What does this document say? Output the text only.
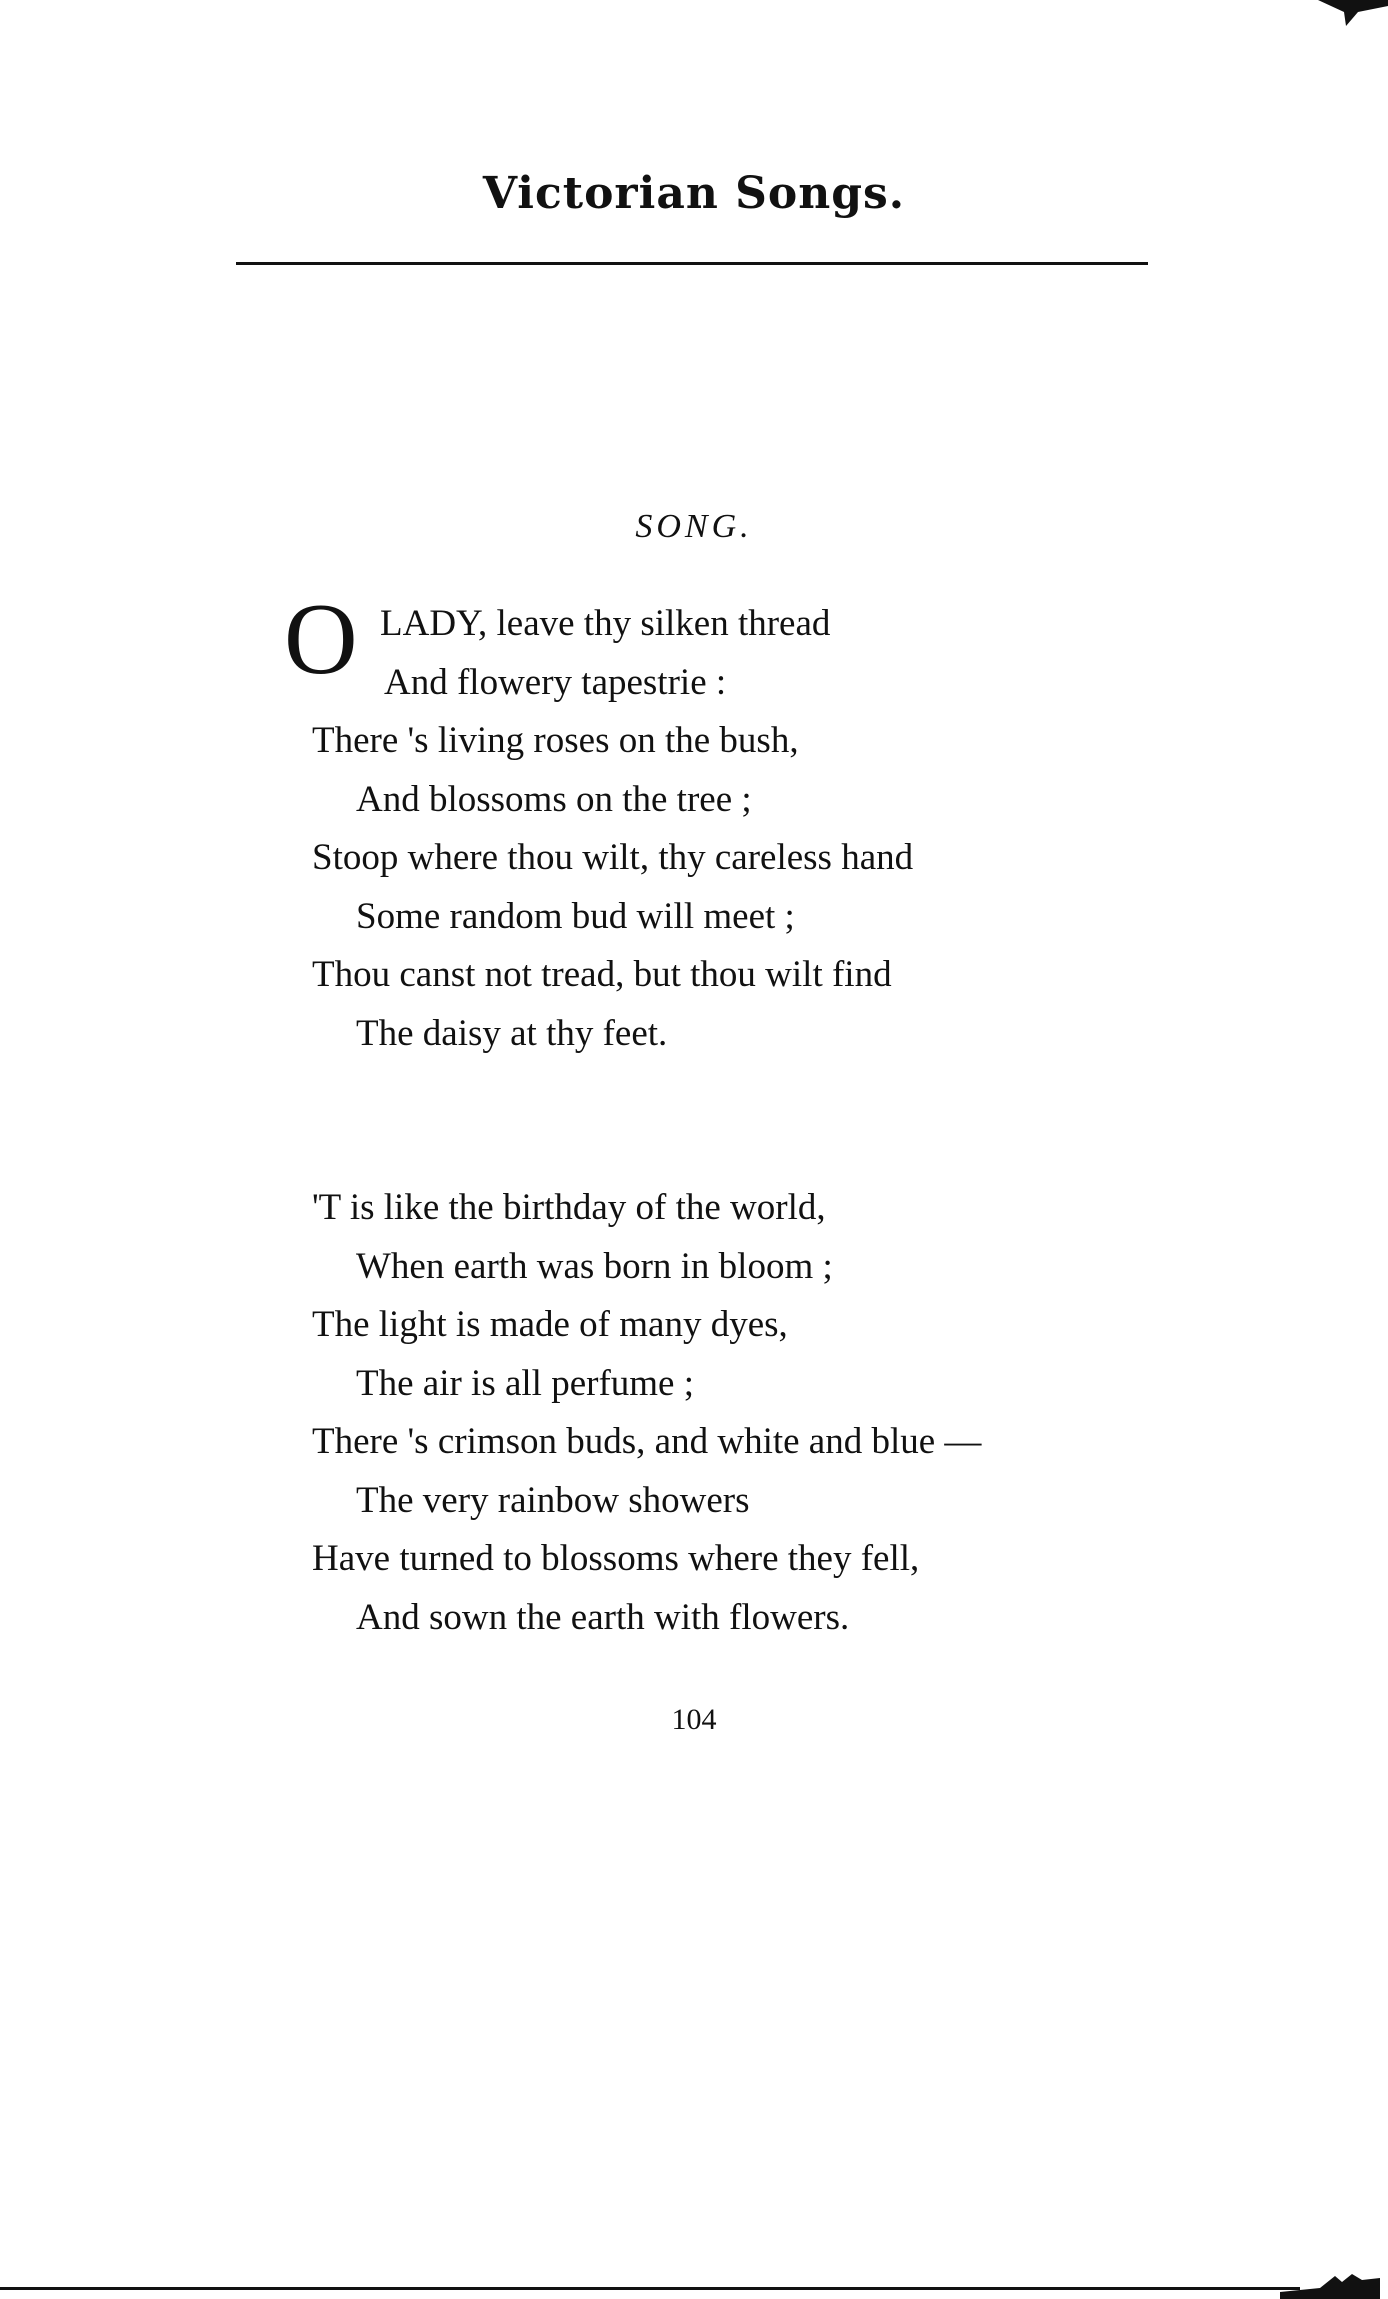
Victorian Songs.
SONG.
O LADY, leave thy silken thread
And flowery tapestrie :
There 's living roses on the bush,
And blossoms on the tree ;
Stoop where thou wilt, thy careless hand
Some random bud will meet ;
Thou canst not tread, but thou wilt find
The daisy at thy feet.
'T is like the birthday of the world,
When earth was born in bloom ;
The light is made of many dyes,
The air is all perfume ;
There 's crimson buds, and white and blue —
The very rainbow showers
Have turned to blossoms where they fell,
And sown the earth with flowers.
104
